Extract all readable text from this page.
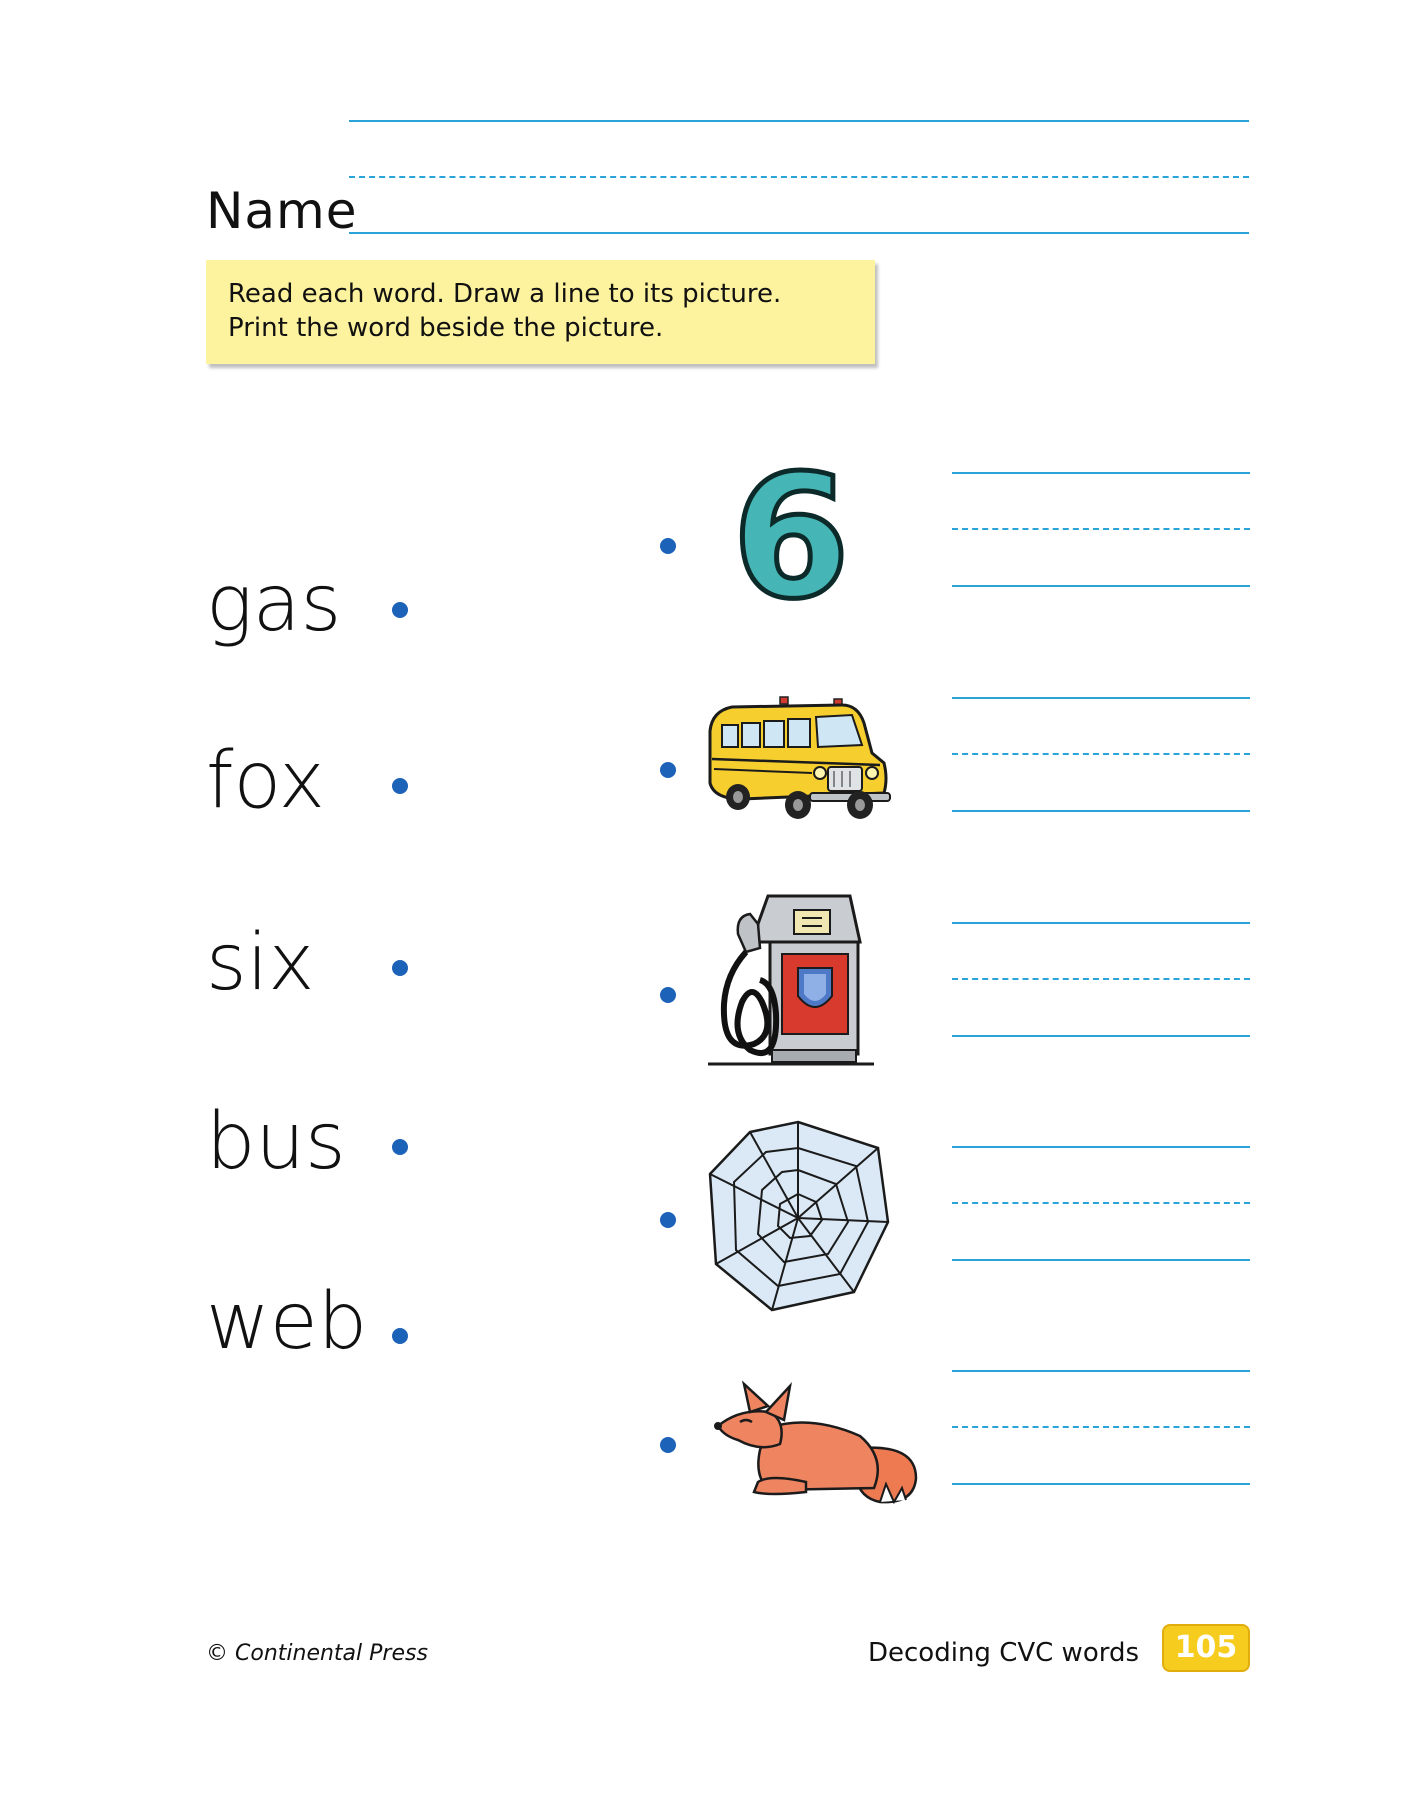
Name
Read each word. Draw a line to its picture.
Print the word beside the picture.
gas
fox
six
bus
web
6
© Continental Press	Decoding CVC words	105
